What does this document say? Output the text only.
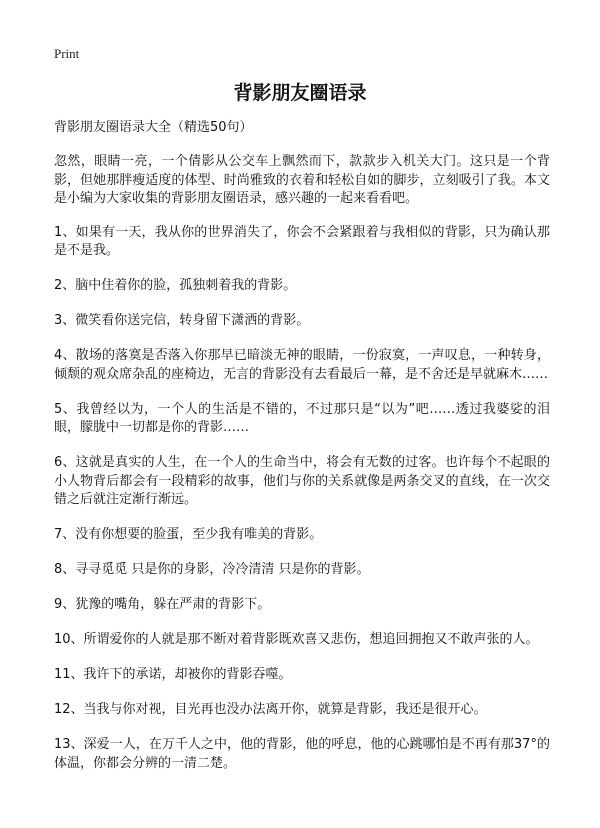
Print
背影朋友圈语录

背影朋友圈语录大全（精选50句）

忽然，眼睛一亮，一个倩影从公交车上飘然而下，款款步入机关大门。这只是一个背影，但她那胖瘦适度的体型、时尚雅致的衣着和轻松自如的脚步，立刻吸引了我。本文是小编为大家收集的背影朋友圈语录，感兴趣的一起来看看吧。

1、如果有一天，我从你的世界消失了，你会不会紧跟着与我相似的背影，只为确认那是不是我。

2、脑中住着你的脸，孤独刺着我的背影。

3、微笑看你送完信，转身留下潇洒的背影。

4、散场的落寞是否落入你那早已暗淡无神的眼睛，一份寂寞，一声叹息，一种转身，倾颓的观众席杂乱的座椅边，无言的背影没有去看最后一幕，是不舍还是早就麻木……

5、我曾经以为，一个人的生活是不错的，不过那只是“以为”吧……透过我婆娑的泪眼，朦胧中一切都是你的背影……

6、这就是真实的人生，在一个人的生命当中，将会有无数的过客。也许每个不起眼的小人物背后都会有一段精彩的故事，他们与你的关系就像是两条交叉的直线，在一次交错之后就注定渐行渐远。

7、没有你想要的脸蛋，至少我有唯美的背影。

8、寻寻觅觅 只是你的身影，冷冷清清 只是你的背影。

9、犹豫的嘴角，躲在严肃的背影下。

10、所谓爱你的人就是那不断对着背影既欢喜又悲伤，想追回拥抱又不敢声张的人。

11、我许下的承诺，却被你的背影吞噬。

12、当我与你对视，目光再也没办法离开你，就算是背影，我还是很开心。

13、深爱一人，在万千人之中，他的背影，他的呼息，他的心跳哪怕是不再有那37°的体温，你都会分辨的一清二楚。
